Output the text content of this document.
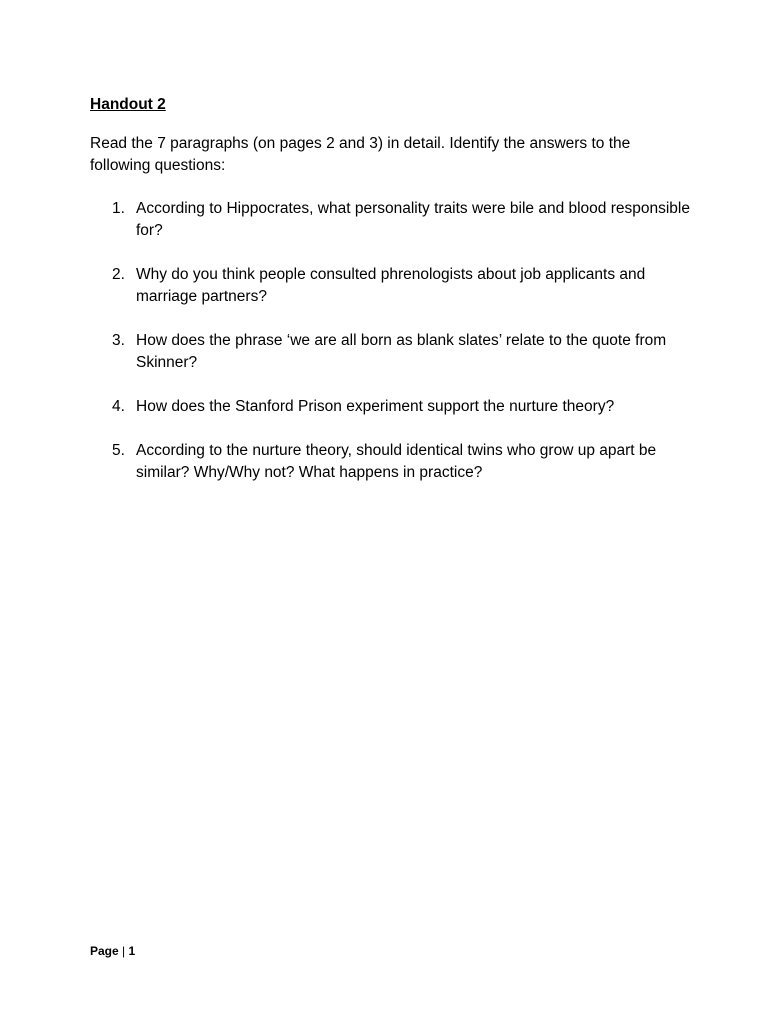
Handout 2

Read the 7 paragraphs (on pages 2 and 3) in detail. Identify the answers to the following questions:

1. According to Hippocrates, what personality traits were bile and blood responsible for?
2. Why do you think people consulted phrenologists about job applicants and marriage partners?
3. How does the phrase ‘we are all born as blank slates’ relate to the quote from Skinner?
4. How does the Stanford Prison experiment support the nurture theory?
5. According to the nurture theory, should identical twins who grow up apart be similar? Why/Why not? What happens in practice?
Page | 1
